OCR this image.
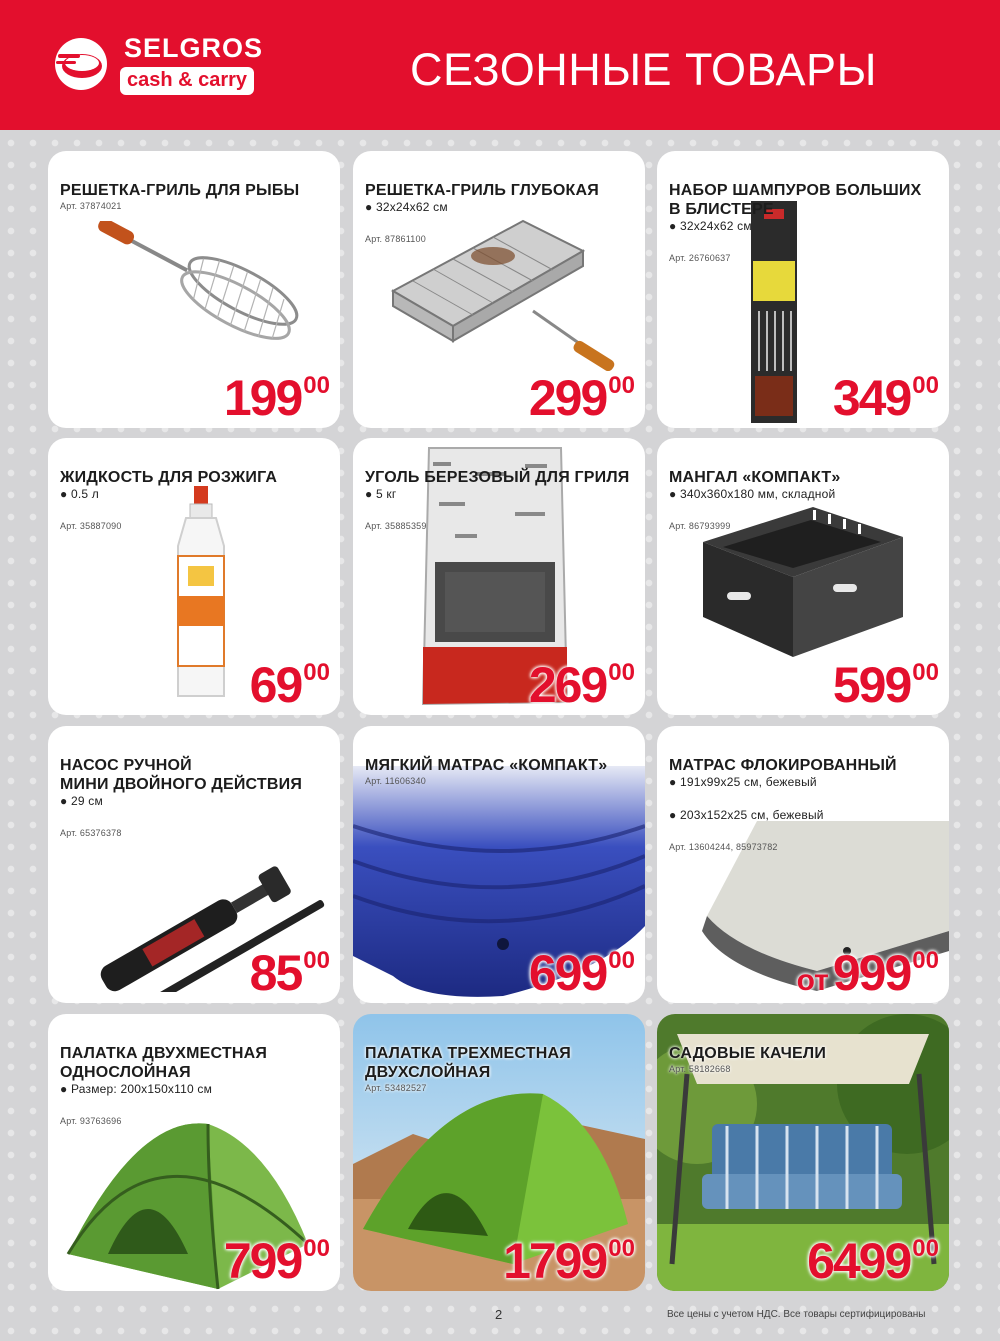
SELGROS
cash & carry	СЕЗОННЫЕ ТОВАРЫ

РЕШЕТКА-ГРИЛЬ ДЛЯ РЫБЫ

Арт. 37874021

19900

РЕШЕТКА-ГРИЛЬ ГЛУБОКАЯ

● 32x24x62 см

Арт. 87861100

29900

НАБОР ШАМПУРОВ БОЛЬШИХ
В БЛИСТЕРЕ

● 32x24x62 см

Арт. 26760637

34900

ЖИДКОСТЬ ДЛЯ РОЗЖИГА

● 0.5 л

Арт. 35887090

6900

УГОЛЬ БЕРЕЗОВЫЙ ДЛЯ ГРИЛЯ

● 5 кг

Арт. 35885359

26900

МАНГАЛ «КОМПАКТ»

● 340x360x180 мм, складной

Арт. 86793999

59900

НАСОС РУЧНОЙ
МИНИ ДВОЙНОГО ДЕЙСТВИЯ

● 29 см

Арт. 65376378

8500

МЯГКИЙ МАТРАС «КОМПАКТ»

Арт. 11606340

69900

МАТРАС ФЛОКИРОВАННЫЙ

● 191x99x25 см, бежевый

● 203x152x25 см, бежевый

Арт. 13604244, 85973782

от99900

ПАЛАТКА ДВУХМЕСТНАЯ
ОДНОСЛОЙНАЯ

● Размер: 200x150x110 см

Арт. 93763696

79900

ПАЛАТКА ТРЕХМЕСТНАЯ
ДВУХСЛОЙНАЯ

Арт. 53482527

179900

САДОВЫЕ КАЧЕЛИ

Арт. 58182668

649900
2	Все цены с учетом НДС. Все товары сертифицированы
